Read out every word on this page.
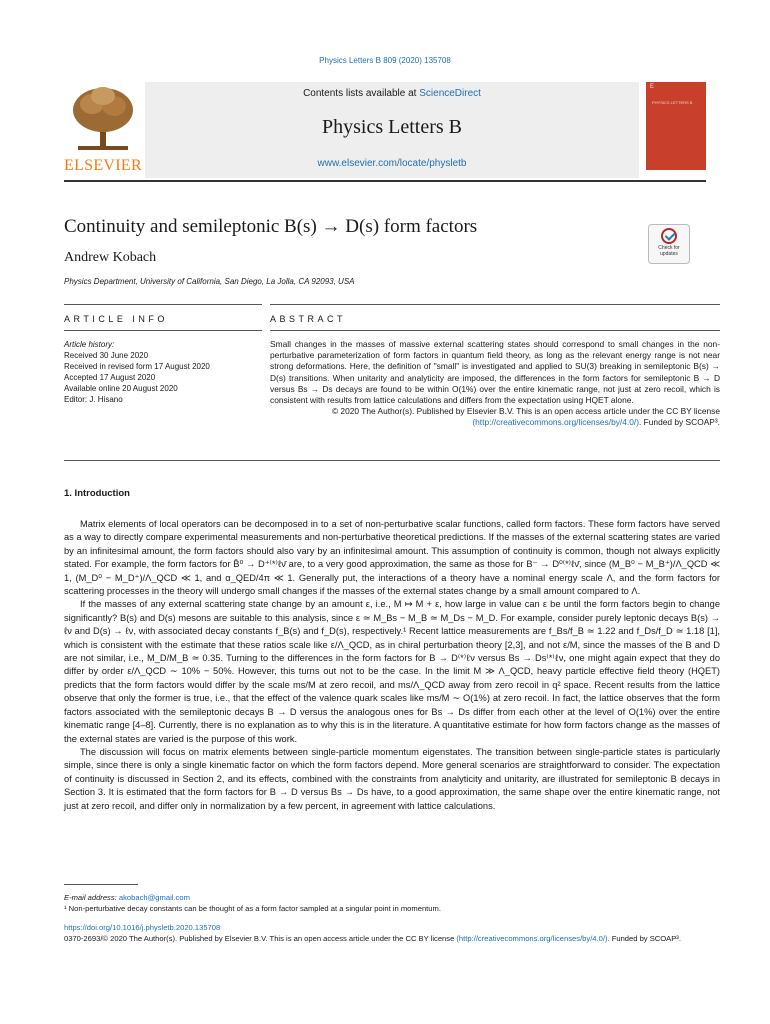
Physics Letters B 809 (2020) 135708
ELSEVIER
Contents lists available at ScienceDirect
Physics Letters B
www.elsevier.com/locate/physletb
E
PHYSICS LETTERS B
Continuity and semileptonic B(s) → D(s) form factors
Andrew Kobach
Physics Department, University of California, San Diego, La Jolla, CA 92093, USA
Check for
updates
ARTICLE INFO	ABSTRACT
Article history:
Received 30 June 2020
Received in revised form 17 August 2020
Accepted 17 August 2020
Available online 20 August 2020
Editor: J. Hisano
Small changes in the masses of massive external scattering states should correspond to small changes in the non-perturbative parameterization of form factors in quantum field theory, as long as the relevant energy range is not near strong deformations. Here, the definition of "small" is investigated and applied to SU(3) breaking in semileptonic B(s) → D(s) transitions. When unitarity and analyticity are imposed, the differences in the form factors for semileptonic B → D versus Bs → Ds decays are found to be within O(1%) over the entire kinematic range, not just at zero recoil, which is consistent with results from lattice calculations and differs from the expectation using HQET alone.
© 2020 The Author(s). Published by Elsevier B.V. This is an open access article under the CC BY license
(http://creativecommons.org/licenses/by/4.0/). Funded by SCOAP³.
1. Introduction

Matrix elements of local operators can be decomposed in to a set of non-perturbative scalar functions, called form factors. These form factors have served as a way to directly compare experimental measurements and non-perturbative theoretical predictions. If the masses of the external scattering states are varied by an infinitesimal amount, the form factors should also vary by an infinitesimal amount. This assumption of continuity is common, though not always explicitly stated. For example, the form factors for B̄⁰ → D⁺⁽*⁾ℓν̄ are, to a very good approximation, the same as those for B⁻ → D⁰⁽*⁾ℓν̄, since (M_B⁰ − M_B⁺)/Λ_QCD ≪ 1, (M_D⁰ − M_D⁺)/Λ_QCD ≪ 1, and α_QED/4π ≪ 1. Generally put, the interactions of a theory have a nominal energy scale Λ, and the form factors for scattering processes in the theory will undergo small changes if the masses of the external states change by a small amount compared to Λ.

If the masses of any external scattering state change by an amount ε, i.e., M ↦ M + ε, how large in value can ε be until the form factors begin to change significantly? B(s) and D(s) mesons are suitable to this analysis, since ε ≃ M_Bs − M_B ≃ M_Ds − M_D. For example, consider purely leptonic decays B(s) → ℓν and D(s) → ℓν, with associated decay constants f_B(s) and f_D(s), respectively.¹ Recent lattice measurements are f_Bs/f_B ≃ 1.22 and f_Ds/f_D ≃ 1.18 [1], which is consistent with the estimate that these ratios scale like ε/Λ_QCD, as in chiral perturbation theory [2,3], and not ε/M, since the masses of the B and D are not similar, i.e., M_D/M_B ≃ 0.35. Turning to the differences in the form factors for B → D⁽*⁾ℓν versus Bs → Ds⁽*⁾ℓν, one might again expect that they do differ by order ε/Λ_QCD ∼ 10% − 50%. However, this turns out not to be the case. In the limit M ≫ Λ_QCD, heavy particle effective field theory (HQET) predicts that the form factors would differ by the scale ms/M at zero recoil, and ms/Λ_QCD away from zero recoil in q² space. Recent results from the lattice observe that only the former is true, i.e., that the effect of the valence quark scales like ms/M ∼ O(1%) at zero recoil. In fact, the lattice observes that the form factors associated with the semileptonic decays B → D versus the analogous ones for Bs → Ds differ from each other at the level of O(1%) over the entire kinematic range [4–8]. Currently, there is no explanation as to why this is in the literature. A quantitative estimate for how form factors change as the masses of the external states are varied is the purpose of this work.

The discussion will focus on matrix elements between single-particle momentum eigenstates. The transition between single-particle states is particularly simple, since there is only a single kinematic factor on which the form factors depend. More general scenarios are straightforward to consider. The expectation of continuity is discussed in Section 2, and its effects, combined with the constraints from analyticity and unitarity, are illustrated for semileptonic B decays in Section 3. It is estimated that the form factors for B → D versus Bs → Ds have, to a good approximation, the same shape over the entire kinematic range, not just at zero recoil, and differ only in normalization by a few percent, in agreement with lattice calculations.

E-mail address: akobach@gmail.com
¹ Non-perturbative decay constants can be thought of as a form factor sampled at a singular point in momentum.
https://doi.org/10.1016/j.physletb.2020.135708
0370-2693/© 2020 The Author(s). Published by Elsevier B.V. This is an open access article under the CC BY license (http://creativecommons.org/licenses/by/4.0/). Funded by SCOAP³.
